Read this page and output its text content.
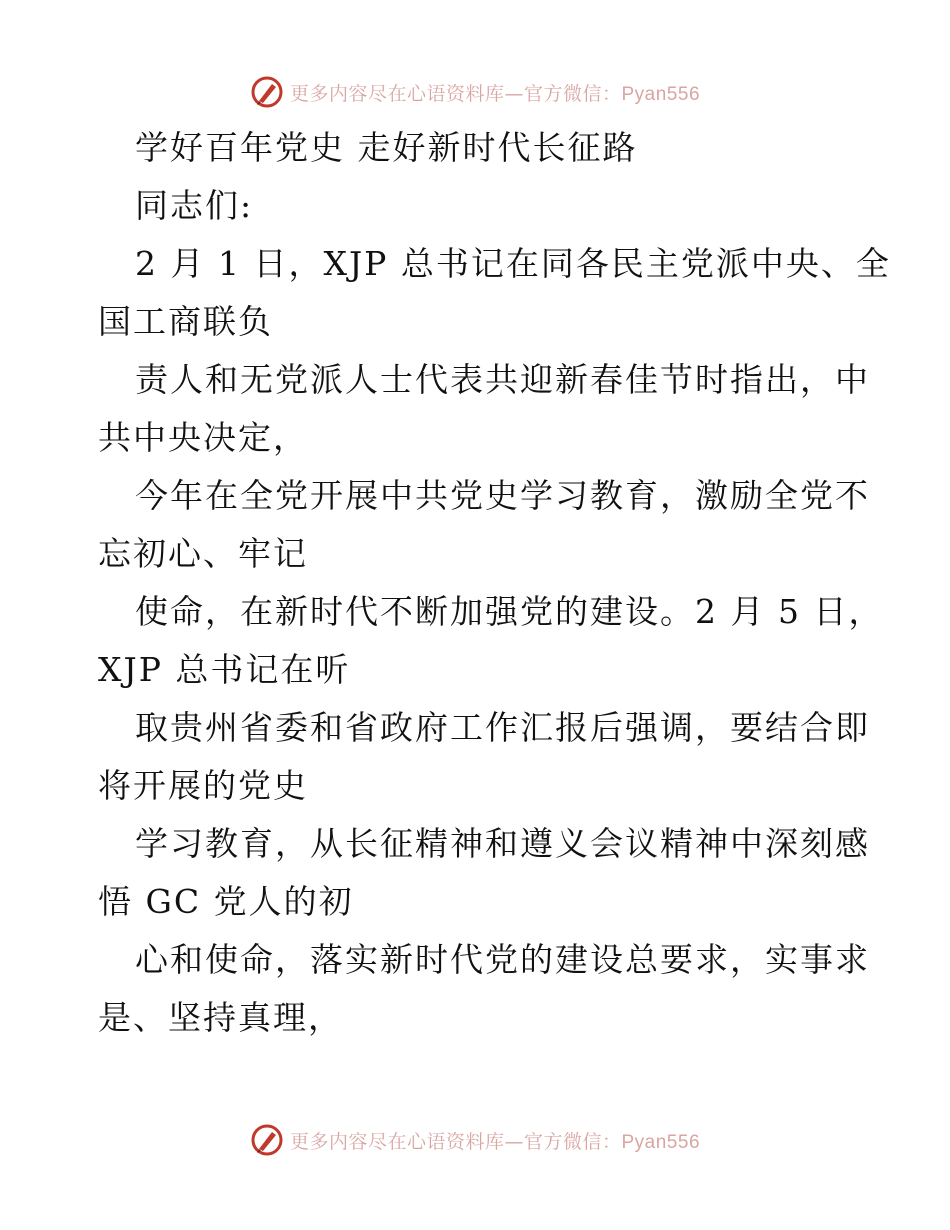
更多内容尽在心语资料库—官方微信：Pyan556
学好百年党史 走好新时代长征路
同志们:
2 月 1 日，XJP 总书记在同各民主党派中央、全
国工商联负
责人和无党派人士代表共迎新春佳节时指出，中
共中央决定，
今年在全党开展中共党史学习教育，激励全党不
忘初心、牢记
使命，在新时代不断加强党的建设。2 月 5 日，
XJP 总书记在听
取贵州省委和省政府工作汇报后强调，要结合即
将开展的党史
学习教育，从长征精神和遵义会议精神中深刻感
悟 GC 党人的初
心和使命，落实新时代党的建设总要求，实事求
是、坚持真理，
更多内容尽在心语资料库—官方微信：Pyan556
